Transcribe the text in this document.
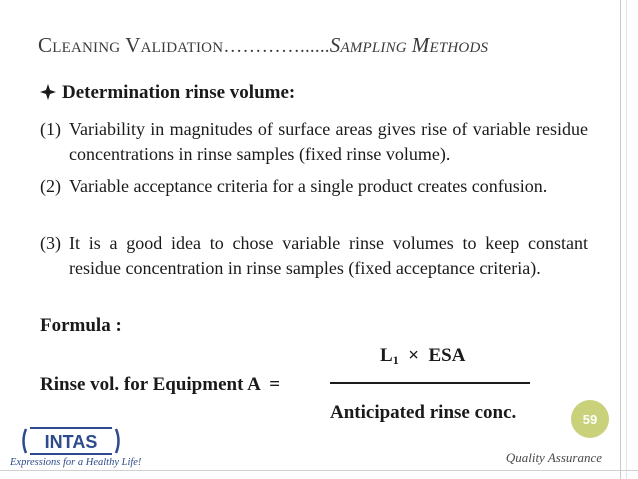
CLEANING VALIDATION…………......SAMPLING METHODS
Determination rinse volume:
(1) Variability in magnitudes of surface areas gives rise of variable residue concentrations in rinse samples (fixed rinse volume).
(2) Variable acceptance criteria for a single product creates confusion.
(3) It is a good idea to chose variable rinse volumes to keep constant residue concentration in rinse samples (fixed acceptance criteria).
Formula :
$L_1$  ×  ESA
Rinse vol. for Equipment A  =
Anticipated rinse conc.	59
INTAS
Expressions for a Healthy Life!	Quality Assurance
